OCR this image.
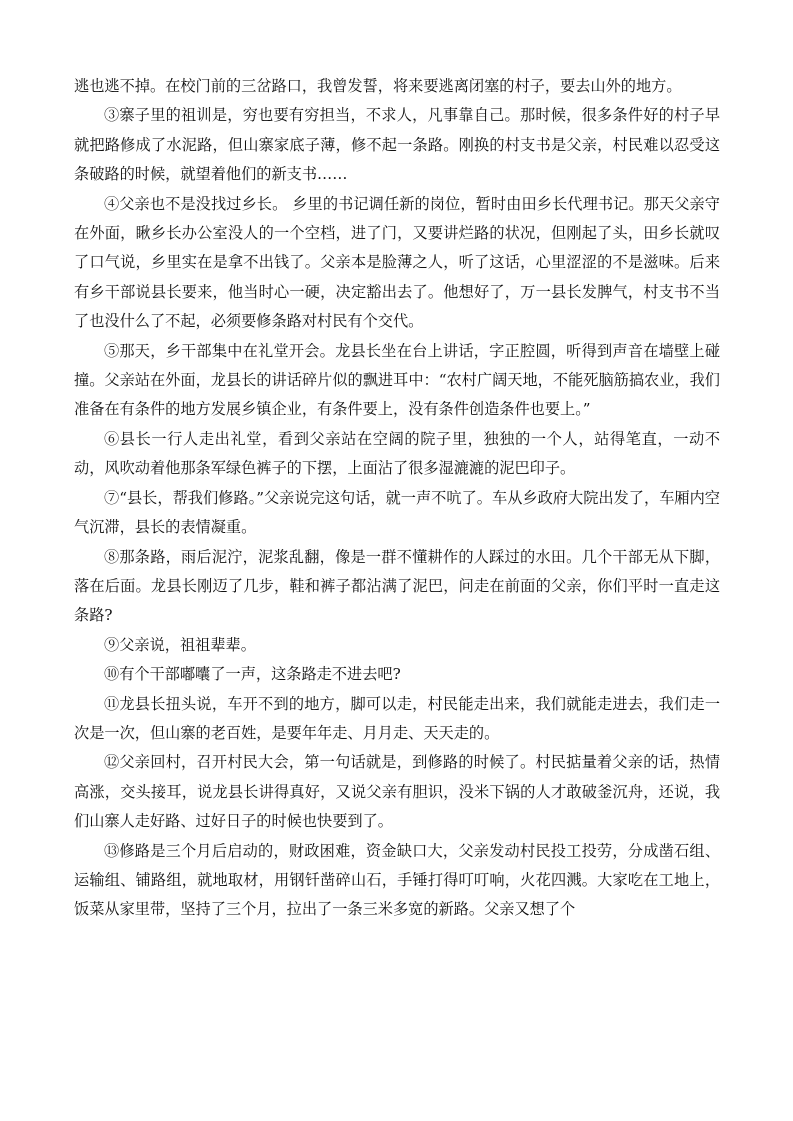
逃也逃不掉。在校门前的三岔路口，我曾发誓，将来要逃离闭塞的村子，要去山外的地方。

③寨子里的祖训是，穷也要有穷担当，不求人，凡事靠自己。那时候，很多条件好的村子早就把路修成了水泥路，但山寨家底子薄，修不起一条路。刚换的村支书是父亲，村民难以忍受这条破路的时候，就望着他们的新支书……

④父亲也不是没找过乡长。 乡里的书记调任新的岗位，暂时由田乡长代理书记。那天父亲守在外面，瞅乡长办公室没人的一个空档，进了门，又要讲烂路的状况，但刚起了头，田乡长就叹了口气说，乡里实在是拿不出钱了。父亲本是脸薄之人，听了这话，心里涩涩的不是滋味。后来有乡干部说县长要来，他当时心一硬，决定豁出去了。他想好了，万一县长发脾气，村支书不当了也没什么了不起，必须要修条路对村民有个交代。

⑤那天，乡干部集中在礼堂开会。龙县长坐在台上讲话，字正腔圆，听得到声音在墙壁上碰撞。父亲站在外面，龙县长的讲话碎片似的飘进耳中：“农村广阔天地，不能死脑筋搞农业，我们准备在有条件的地方发展乡镇企业，有条件要上，没有条件创造条件也要上。”

⑥县长一行人走出礼堂，看到父亲站在空阔的院子里，独独的一个人，站得笔直，一动不动，风吹动着他那条军绿色裤子的下摆，上面沾了很多湿漉漉的泥巴印子。

⑦“县长，帮我们修路。”父亲说完这句话，就一声不吭了。车从乡政府大院出发了，车厢内空气沉滞，县长的表情凝重。

⑧那条路，雨后泥泞，泥浆乱翻，像是一群不懂耕作的人踩过的水田。几个干部无从下脚，落在后面。龙县长刚迈了几步，鞋和裤子都沾满了泥巴，问走在前面的父亲，你们平时一直走这条路?

⑨父亲说，祖祖辈辈。

⑩有个干部嘟囔了一声，这条路走不进去吧?

⑪龙县长扭头说，车开不到的地方，脚可以走，村民能走出来，我们就能走进去，我们走一次是一次，但山寨的老百姓，是要年年走、月月走、天天走的。

⑫父亲回村，召开村民大会，第一句话就是，到修路的时候了。村民掂量着父亲的话，热情高涨，交头接耳，说龙县长讲得真好，又说父亲有胆识，没米下锅的人才敢破釜沉舟，还说，我们山寨人走好路、过好日子的时候也快要到了。

⑬修路是三个月后启动的，财政困难，资金缺口大，父亲发动村民投工投劳，分成凿石组、运输组、铺路组，就地取材，用钢钎凿碎山石，手锤打得叮叮响，火花四溅。大家吃在工地上，饭菜从家里带，坚持了三个月，拉出了一条三米多宽的新路。父亲又想了个
